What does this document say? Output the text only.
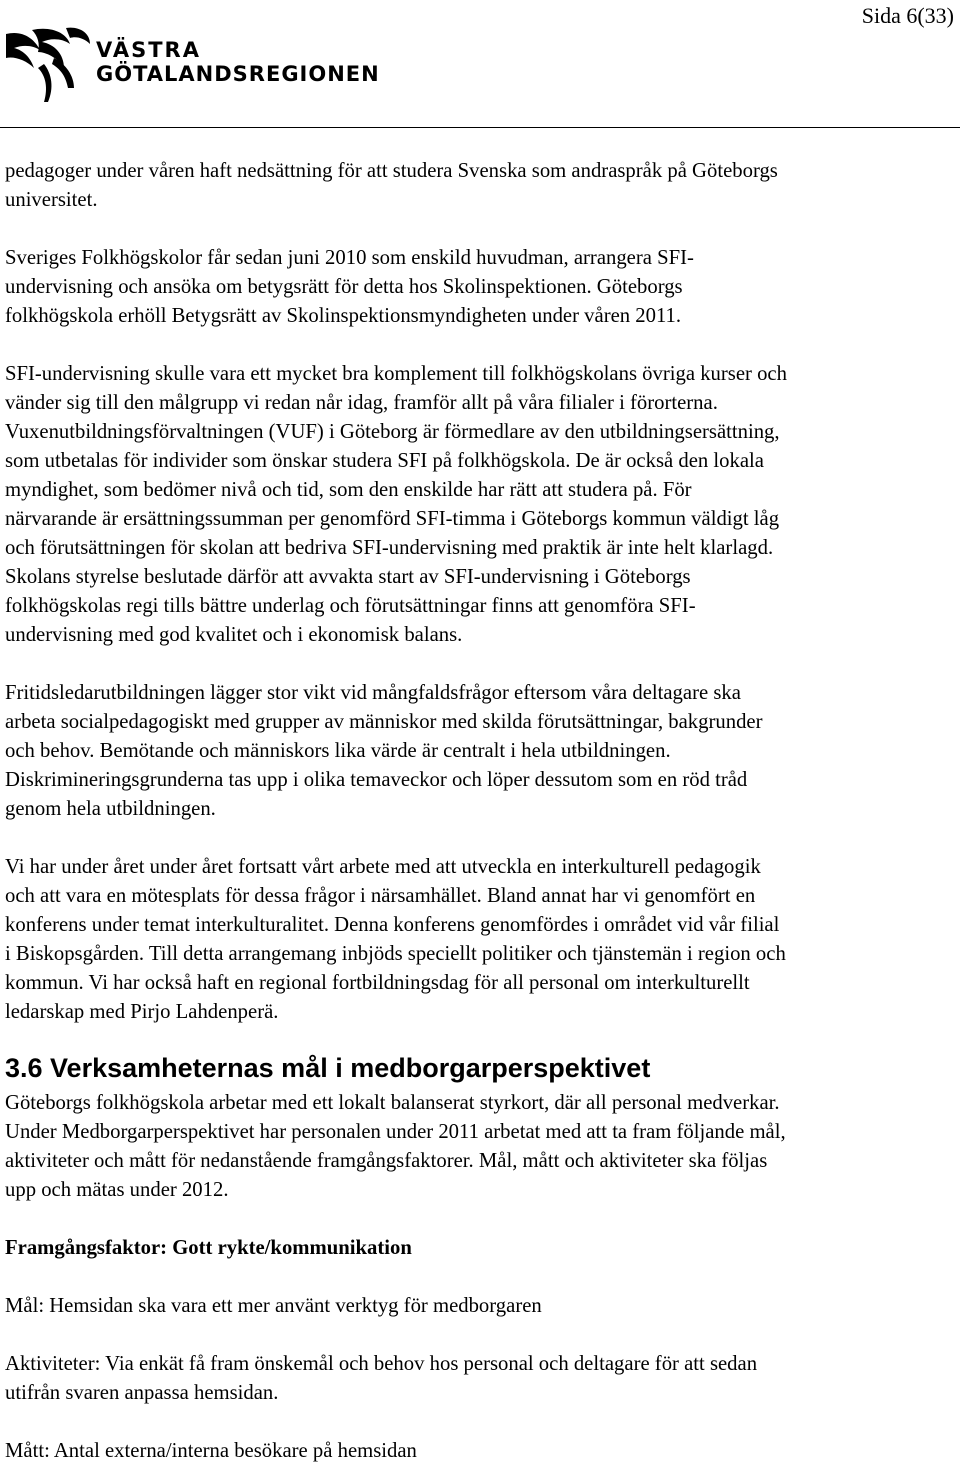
Sida 6(33)
VÄSTRA
GÖTALANDSREGIONEN

pedagoger under våren haft nedsättning för att studera Svenska som andraspråk på Göteborgs
universitet.

Sveriges Folkhögskolor får sedan juni 2010 som enskild huvudman, arrangera SFI-
undervisning och ansöka om betygsrätt för detta hos Skolinspektionen. Göteborgs
folkhögskola erhöll Betygsrätt av Skolinspektionsmyndigheten under våren 2011.

SFI-undervisning skulle vara ett mycket bra komplement till folkhögskolans övriga kurser och
vänder sig till den målgrupp vi redan når idag, framför allt på våra filialer i förorterna.
Vuxenutbildningsförvaltningen (VUF) i Göteborg är förmedlare av den utbildningsersättning,
som utbetalas för individer som önskar studera SFI på folkhögskola. De är också den lokala
myndighet, som bedömer nivå och tid, som den enskilde har rätt att studera på. För
närvarande är ersättningssumman per genomförd SFI-timma i Göteborgs kommun väldigt låg
och förutsättningen för skolan att bedriva SFI-undervisning med praktik är inte helt klarlagd.
Skolans styrelse beslutade därför att avvakta start av SFI-undervisning i Göteborgs
folkhögskolas regi tills bättre underlag och förutsättningar finns att genomföra SFI-
undervisning med god kvalitet och i ekonomisk balans.

Fritidsledarutbildningen lägger stor vikt vid mångfaldsfrågor eftersom våra deltagare ska
arbeta socialpedagogiskt med grupper av människor med skilda förutsättningar, bakgrunder
och behov. Bemötande och människors lika värde är centralt i hela utbildningen.
Diskrimineringsgrunderna tas upp i olika temaveckor och löper dessutom som en röd tråd
genom hela utbildningen.

Vi har under året under året fortsatt vårt arbete med att utveckla en interkulturell pedagogik
och att vara en mötesplats för dessa frågor i närsamhället. Bland annat har vi genomfört en
konferens under temat interkulturalitet. Denna konferens genomfördes i området vid vår filial
i Biskopsgården. Till detta arrangemang inbjöds speciellt politiker och tjänstemän i region och
kommun. Vi har också haft en regional fortbildningsdag för all personal om interkulturellt
ledarskap med Pirjo Lahdenperä.

3.6 Verksamheternas mål i medborgarperspektivet

Göteborgs folkhögskola arbetar med ett lokalt balanserat styrkort, där all personal medverkar.
Under Medborgarperspektivet har personalen under 2011 arbetat med att ta fram följande mål,
aktiviteter och mått för nedanstående framgångsfaktorer. Mål, mått och aktiviteter ska följas
upp och mätas under 2012.

Framgångsfaktor: Gott rykte/kommunikation

Mål: Hemsidan ska vara ett mer använt verktyg för medborgaren

Aktiviteter: Via enkät få fram önskemål och behov hos personal och deltagare för att sedan
utifrån svaren anpassa hemsidan.

Mått: Antal externa/interna besökare på hemsidan
